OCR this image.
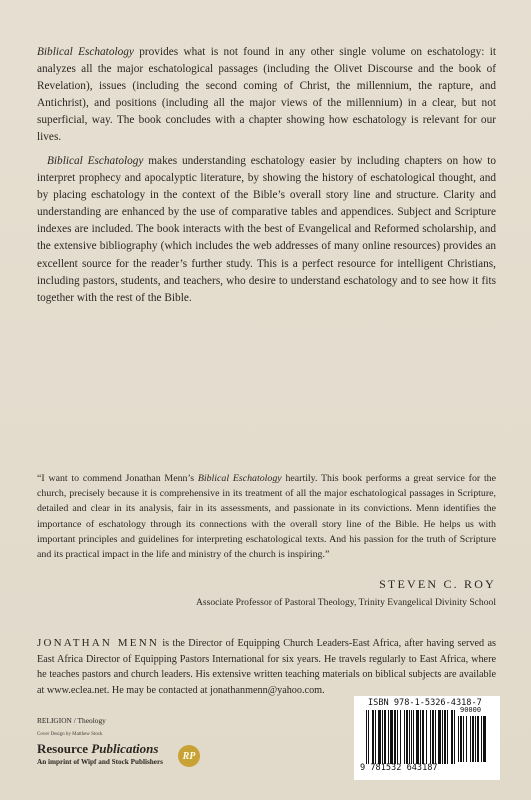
Biblical Eschatology provides what is not found in any other single volume on eschatology: it analyzes all the major eschatological passages (including the Olivet Discourse and the book of Revelation), issues (including the second coming of Christ, the millennium, the rapture, and Antichrist), and positions (including all the major views of the millennium) in a clear, but not superficial, way. The book concludes with a chapter showing how eschatology is relevant for our lives.

Biblical Eschatology makes understanding eschatology easier by including chapters on how to interpret prophecy and apocalyptic literature, by showing the history of eschatological thought, and by placing eschatology in the context of the Bible’s overall story line and structure. Clarity and understanding are enhanced by the use of comparative tables and appendices. Subject and Scripture indexes are included. The book interacts with the best of Evangelical and Reformed scholarship, and the extensive bibliography (which includes the web addresses of many online resources) provides an excellent source for the reader’s further study. This is a perfect resource for intelligent Christians, including pastors, students, and teachers, who desire to understand eschatology and to see how it fits together with the rest of the Bible.

“I want to commend Jonathan Menn’s Biblical Eschatology heartily. This book performs a great service for the church, precisely because it is comprehensive in its treatment of all the major eschatological passages in Scripture, detailed and clear in its analysis, fair in its assessments, and passionate in its convictions. Menn identifies the importance of eschatology through its connections with the overall story line of the Bible. He helps us with important principles and guidelines for interpreting eschatological texts. And his passion for the truth of Scripture and its practical impact in the life and ministry of the church is inspiring.”

STEVEN C. ROY
Associate Professor of Pastoral Theology, Trinity Evangelical Divinity School

JONATHAN MENN is the Director of Equipping Church Leaders-East Africa, after having served as East Africa Director of Equipping Pastors International for six years. He travels regularly to East Africa, where he teaches pastors and church leaders. His extensive written teaching materials on biblical subjects are available at www.eclea.net. He may be contacted at jonathanmenn@yahoo.com.

RELIGION / Theology
Cover Design by Matthew Stock
Resource Publications
An imprint of Wipf and Stock Publishers
RP
ISBN 978-1-5326-4318-7
90000
9 781532 643187
